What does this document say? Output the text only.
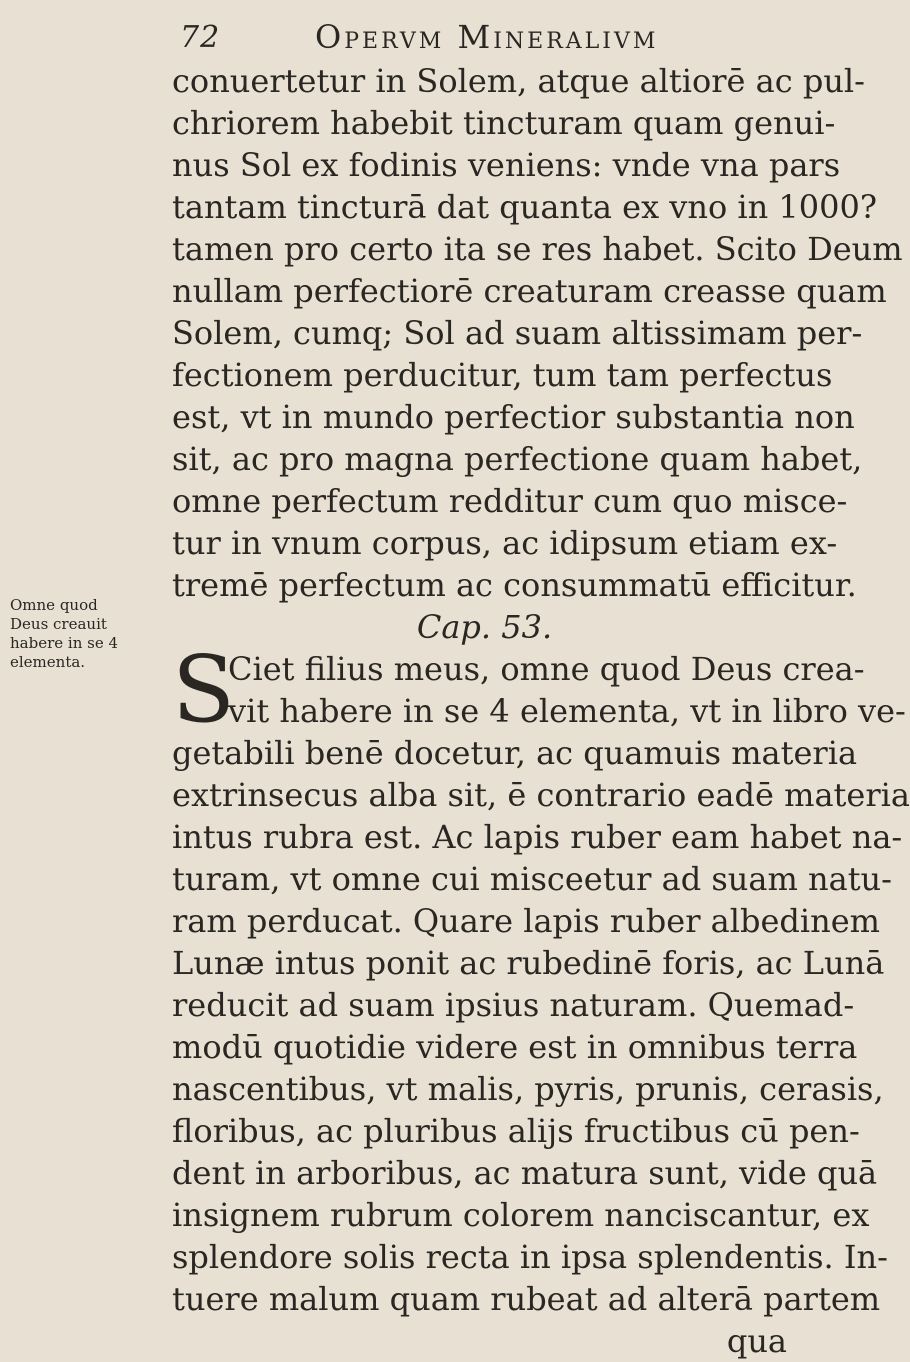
72	Opervm Mineralivm
Omne quod
Deus creauit
habere in se 4
elementa.
conuertetur in Solem, atque altiorē ac pul-
chriorem habebit tincturam quam genui-
nus Sol ex fodinis veniens: vnde vna pars
tantam tincturā dat quanta ex vno in 1000?
tamen pro certo ita se res habet. Scito Deum
nullam perfectiorē creaturam creasse quam
Solem, cumq; Sol ad suam altissimam per-
fectionem perducitur, tum tam perfectus
est, vt in mundo perfectior substantia non
sit, ac pro magna perfectione quam habet,
omne perfectum redditur cum quo misce-
tur in vnum corpus, ac idipsum etiam ex-
tremē perfectum ac consummatū efficitur.
Cap. 53.
S
Ciet filius meus, omne quod Deus crea-
vit habere in se 4 elementa, vt in libro ve-
getabili benē docetur, ac quamuis materia
extrinsecus alba sit, ē contrario eadē materia
intus rubra est. Ac lapis ruber eam habet na-
turam, vt omne cui misceetur ad suam natu-
ram perducat. Quare lapis ruber albedinem
Lunæ intus ponit ac rubedinē foris, ac Lunā
reducit ad suam ipsius naturam. Quemad-
modū quotidie videre est in omnibus terra
nascentibus, vt malis, pyris, prunis, cerasis,
floribus, ac pluribus alijs fructibus cū pen-
dent in arboribus, ac matura sunt, vide quā
insignem rubrum colorem nanciscantur, ex
splendore solis recta in ipsa splendentis. In-
tuere malum quam rubeat ad alterā partem
qua
